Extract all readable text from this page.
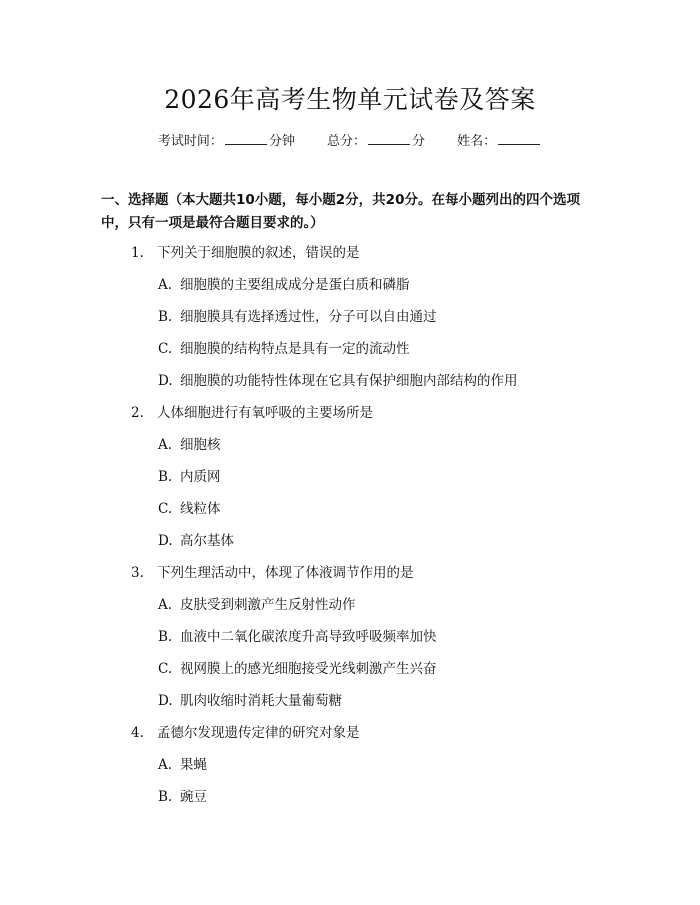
2026年高考生物单元试卷及答案
考试时间：	分钟 总分：	分 姓名：
一、选择题（本大题共10小题，每小题2分，共20分。在每小题列出的四个选项中，只有一项是最符合题目要求的。）
1. 下列关于细胞膜的叙述，错误的是
A. 细胞膜的主要组成成分是蛋白质和磷脂
B. 细胞膜具有选择透过性，分子可以自由通过
C. 细胞膜的结构特点是具有一定的流动性
D. 细胞膜的功能特性体现在它具有保护细胞内部结构的作用
2. 人体细胞进行有氧呼吸的主要场所是
A. 细胞核
B. 内质网
C. 线粒体
D. 高尔基体
3. 下列生理活动中，体现了体液调节作用的是
A. 皮肤受到刺激产生反射性动作
B. 血液中二氧化碳浓度升高导致呼吸频率加快
C. 视网膜上的感光细胞接受光线刺激产生兴奋
D. 肌肉收缩时消耗大量葡萄糖
4. 孟德尔发现遗传定律的研究对象是
A. 果蝇
B. 豌豆
